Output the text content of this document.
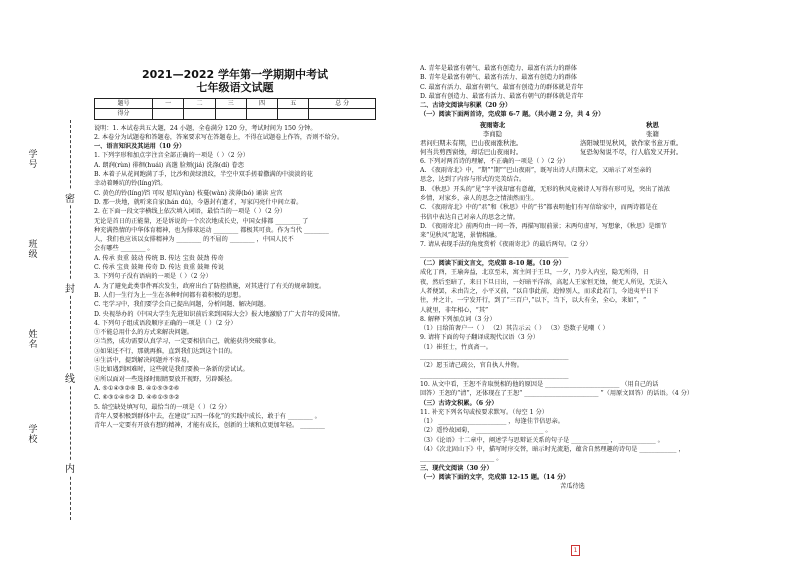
学号
班级
姓名
学校
密
封
线
内
2021—2022 学年第一学期期中考试
七年级语文试题
题号	一	二	三	四	五	总 分
得分						
说明：1. 本试卷共五大题，24 小题，全卷满分 120 分，考试时间为 150 分钟。
2. 本卷分为试题卷和答题卷，答案要求写在答题卷上，不得在试题卷上作答，否则不给分。
一、语言知识及其运用（10 分）
1. 下列字形和加点字注音全部正确的一项是（ ）（2 分）
A. 朗润(rùn) 徘徊(huái) 高邈 脸颊(jiá) 洗涤(dí) 眷恋
B. 本着子从花间跑满了手，比沙和黄绿浪纹，半空中双手搓着撒满的中淡淡的花
幸动着睡坑的铃(líng)铛。
C. 黄色的铃(líng)铛 可叹 慰唁(yàn) 枝蔓(wàn) 淡薄(bó) 诵读 应宫
D. 那一块地，就听来自家(hán dú)，今愚封有遗才，写家闪亮什中间立着。
2. 在下面一段文字横线上依次填入词语，最恰当的一项是（ ）（2 分）
无论是首日的正能量，还是诉说的一个次次地成长史，中国女排都 ________ 了
种充满热情的中华体育精神，也为排球运动 ________ 都极其可贵。作为当代 ________
人，我们也应该以女排精神为 ________ 的不屈的 ________ ，中国人民不
会有哪些 ________ 。
A. 传承 贵重 鼓动 传统 B. 传达 宝贵 鼓劲 传奇
C. 传承 宝贵 鼓舞 传奇 D. 传达 贵重 鼓舞 传说
3. 下列句子没有语病的一项是（ ）（2 分）
A. 为了避免此类事件再次发生，政府出台了防控措施，对其进行了有关的规章制度。
B. 人们一生行为上一生在各种时间都有着积极的思想。
C. 宅学习中，我们要学会自己提出问题，分析问题、解决问题。
D. 央视举办的《中国大学生先进知识前后来到国际大会》报大地激励了广大青年的爱国情。
4. 下列句子组成语段顺序正确的一项是（ ）（2 分）
①不能总用什么的方式来解决问题。
②当然，成功需要认真学习，一定要相信自己，就能获得突破事业。
③如果还不行，那就再推，直到我们达到这个目的。
④生活中，提到解决问题并不容易。
⑤比如遇到困难时，这些就是我们要换一条新的尝试试。
⑥所以面对一些选择时眼睛要放开视野，另辟蹊径。
A. ⑤①④③②⑥ B. ④①⑤③②⑥
C. ⑥③①④⑤② D. ④⑥①⑤③②
5. 给空缺处填写句，最恰当的一项是（ ）（2 分）
青年人要积极到群体中去，在建设“五四一体化”的实践中成长，敢于有 ________ 。
青年人一定要有开放有想的精神，才能有成长，创新的土壤和点更加年轻。 ________
A. 青年是最富有朝气、最富有创造力、最富有活力的群体
B. 青年是最富有朝气、最富有活力、最富有创造力的群体
C. 最富有活力、最富有朝气、最富有创造力的群体就是青年
D. 最富有创造力、最富有活力、最富有朝气的群体就是青年
二、古诗文阅读与积累（20 分）
（一）阅读下面两首诗，完成第 6-7 题。（共小题 2 分，共 4 分）
夜雨寄北
李商隐
君问归期未有期，巴山夜雨涨秋池。
何当共剪西窗烛，却话巴山夜雨时。
秋思
张籍
洛阳城里见秋风，欲作家书意万重。
复恐匆匆说不尽，行人临发又开封。
6. 下列对两首诗的理解，不正确的一项是（ ）（2 分）
A. 《夜雨寄北》中，“期”“期”“巴山夜雨”，既写出诗人归期未定，又暗示了对至亲的
思念，达到了内容与形式的完美结合。
B. 《秋思》开头的“见”字平淡却富有意蕴，无形的秋风竟被诗人写得有形可见，突出了浓浓
乡情，对家乡，亲人的思念之情油然而生。
C. 《夜雨寄北》中的“君”和《秋思》中的“书”都表明他们有写信给家中，而两诗都是在
书信中表达自己对亲人的思念之情。
D. 《夜雨寄北》前两句由一问一答，再描写眼前景；末两句虚写，写想象，《秋思》是细节
来“见秋风”起笔，景情相融。
7. 请从表现手法的角度赏析《夜雨寄北》的最后两句。（2 分）
________________________________________________
（二）阅读下面文言文，完成第 8-10 题。（10 分）
成化丁酉，王瑜奔益，北京至未，寓主问于王旦，一夕，乃步入内室，隐无所得，日
夜，然后至暗了，来日下旦日出，一好暗平洋溶，高起人王家恒无烛，便无人所见，无法入
人者便罢，未由告之，小平又前，“以自事此前，追悼别人，而求此若门，今追夷平日下
往，并之计，一宁发开行，到了“三百户，”以下，当下，以大有全，全心，来如“，“
人就里，非年相心，“其”
8. 解释下列加点词（3 分）
（1）日给笛奢户一（ ） （2）其告示云（ ） （3）恐数子见嘲（ ）
9. 请将下面的句子翻译成现代汉语（3 分）
（1）崔狂士，竹真斋一。
________________________________________________
（2）愿玉请己疏公，官自执人井物。
________________________________________________
10. 从文中看，王恕不肯取悦相的他的原因是 ________________________ （用自己的话
回答）王恕的“清”，还体现在了王恕“ ________________________ ”（用原文回答）的话语。（4 分）
（三）古诗文积累。（6 分）
11. 补充下列名句或按要求默写。（每空 1 分）
（1） ______________________ ，每逢佳节倍思亲。
（2）遥怜故园菊， ______________________ 。
（3）《论语》十二章中，阐述学与思辩证关系的句子是 ____________ ， ____________ 。
（4）《次北固山下》中，描写时序交替，暗示时光流逝，蕴含自然理趣的诗句是 ____________ ，
________________________ 。
三、现代文阅读（30 分）
（一）阅读下面的文字，完成第 12-15 题。（14 分）
苦瓜待选
1
